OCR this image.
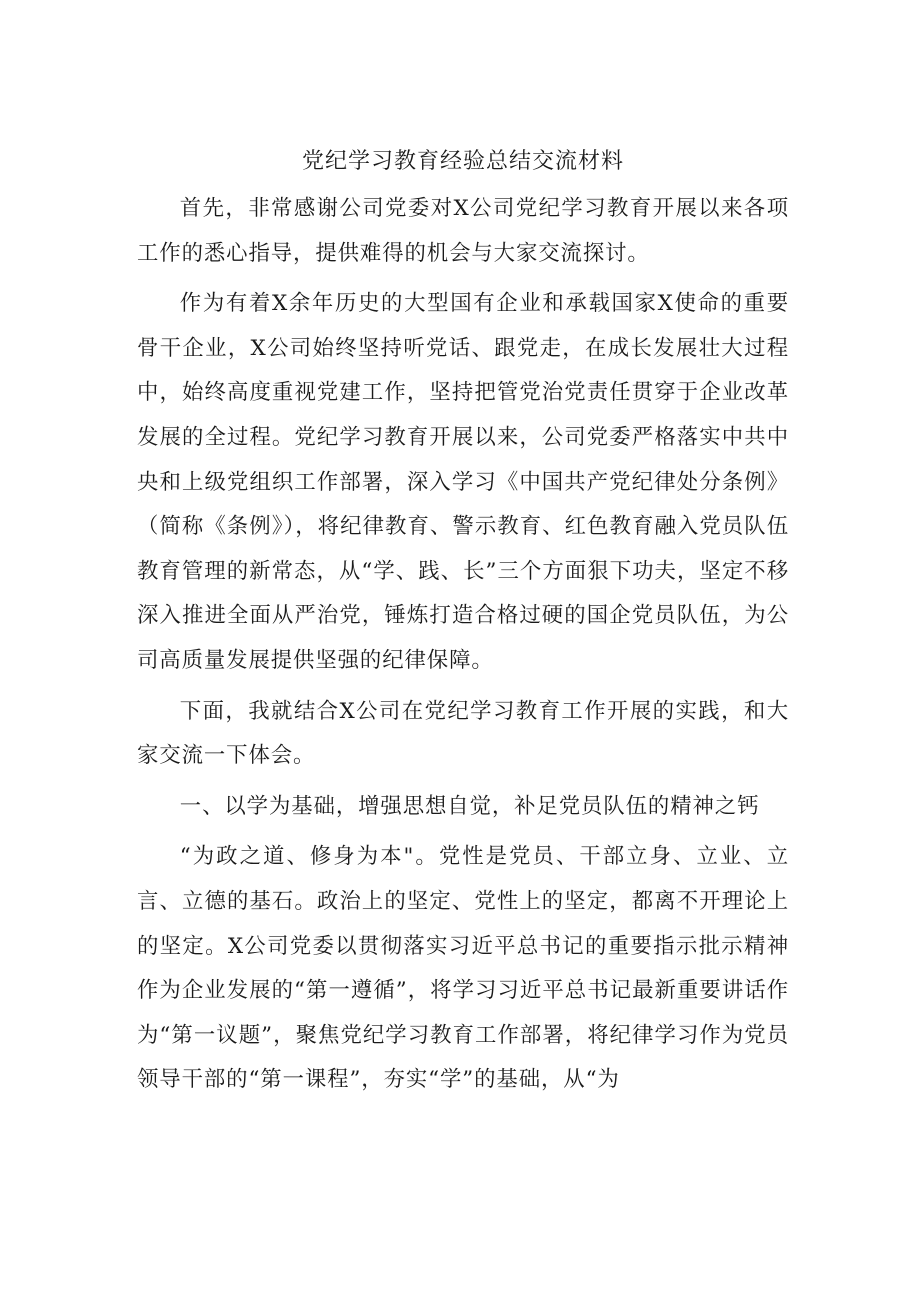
党纪学习教育经验总结交流材料

首先，非常感谢公司党委对X公司党纪学习教育开展以来各项工作的悉心指导，提供难得的机会与大家交流探讨。

作为有着X余年历史的大型国有企业和承载国家X使命的重要骨干企业，X公司始终坚持听党话、跟党走，在成长发展壮大过程中，始终高度重视党建工作，坚持把管党治党责任贯穿于企业改革发展的全过程。党纪学习教育开展以来，公司党委严格落实中共中央和上级党组织工作部署，深入学习《中国共产党纪律处分条例》（简称《条例》），将纪律教育、警示教育、红色教育融入党员队伍教育管理的新常态，从“学、践、长”三个方面狠下功夫，坚定不移深入推进全面从严治党，锤炼打造合格过硬的国企党员队伍，为公司高质量发展提供坚强的纪律保障。

下面，我就结合X公司在党纪学习教育工作开展的实践，和大家交流一下体会。

一、以学为基础，增强思想自觉，补足党员队伍的精神之钙

“为政之道、修身为本"。党性是党员、干部立身、立业、立言、立德的基石。政治上的坚定、党性上的坚定，都离不开理论上的坚定。X公司党委以贯彻落实习近平总书记的重要指示批示精神作为企业发展的“第一遵循”，将学习习近平总书记最新重要讲话作为“第一议题”，聚焦党纪学习教育工作部署，将纪律学习作为党员领导干部的“第一课程”，夯实“学”的基础，从“为
